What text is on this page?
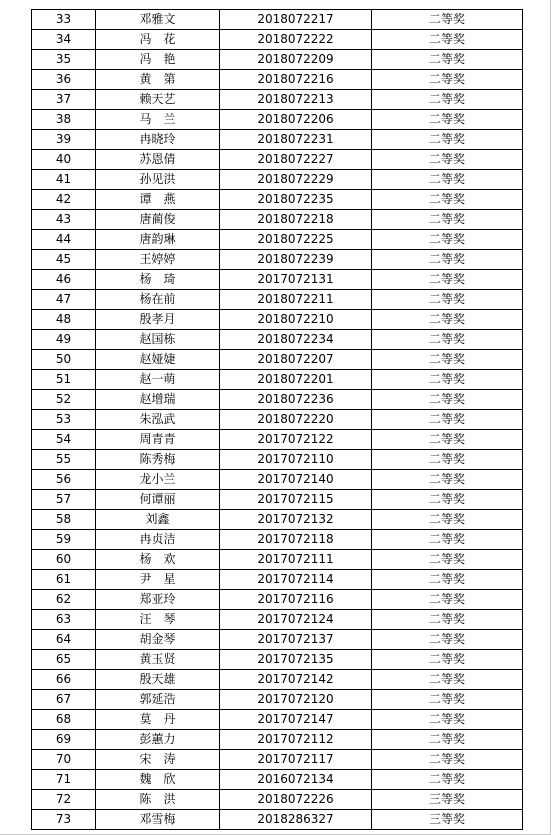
33	邓雅文	2018072217	二等奖
34	冯　花	2018072222	二等奖
35	冯　艳	2018072209	二等奖
36	黄　第	2018072216	二等奖
37	赖天艺	2018072213	二等奖
38	马　兰	2018072206	二等奖
39	冉晓玲	2018072231	二等奖
40	苏恩倩	2018072227	二等奖
41	孙见洪	2018072229	二等奖
42	谭　燕	2018072235	二等奖
43	唐蔺俊	2018072218	二等奖
44	唐韵琳	2018072225	二等奖
45	王婷婷	2018072239	二等奖
46	杨　琦	2017072131	二等奖
47	杨在前	2018072211	二等奖
48	殷孝月	2018072210	二等奖
49	赵国栋	2018072234	二等奖
50	赵娅婕	2018072207	二等奖
51	赵一萌	2018072201	二等奖
52	赵增瑞	2018072236	二等奖
53	朱泓武	2018072220	二等奖
54	周青青	2017072122	二等奖
55	陈秀梅	2017072110	二等奖
56	龙小兰	2017072140	二等奖
57	何谭丽	2017072115	二等奖
58	刘鑫	2017072132	二等奖
59	冉贞洁	2017072118	二等奖
60	杨　欢	2017072111	二等奖
61	尹　星	2017072114	二等奖
62	郑亚玲	2017072116	二等奖
63	汪　琴	2017072124	二等奖
64	胡金琴	2017072137	二等奖
65	黄玉贤	2017072135	二等奖
66	殷天雄	2017072142	二等奖
67	郭延浩	2017072120	二等奖
68	莫　丹	2017072147	二等奖
69	彭蕙力	2017072112	二等奖
70	宋　涛	2017072117	二等奖
71	魏　欣	2016072134	二等奖
72	陈　洪	2018072226	三等奖
73	邓雪梅	2018286327	三等奖
